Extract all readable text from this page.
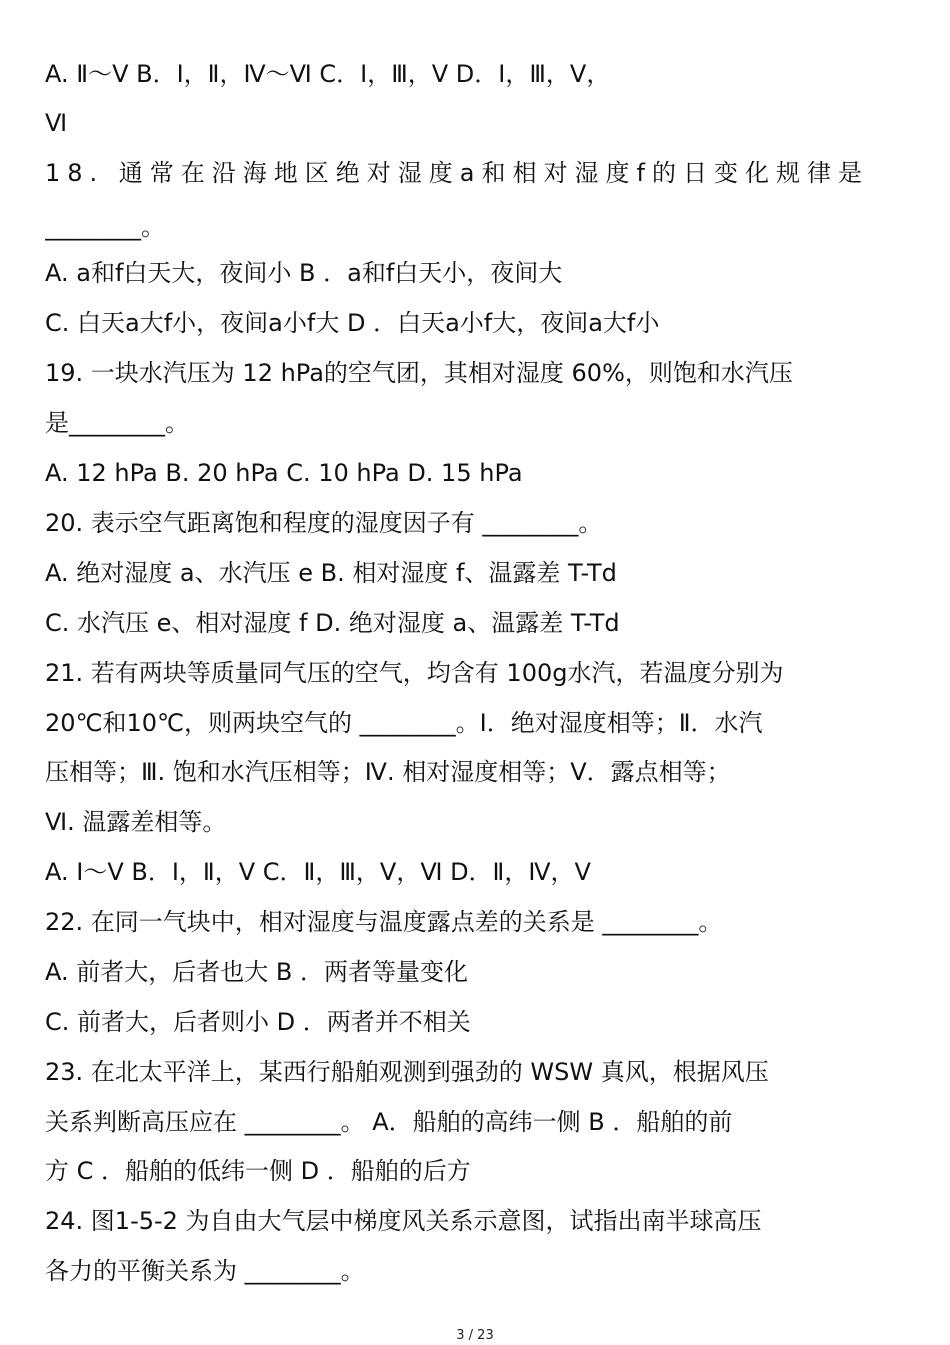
A. Ⅱ～Ⅴ B．Ⅰ，Ⅱ，Ⅳ～Ⅵ C．Ⅰ，Ⅲ，Ⅴ D．Ⅰ，Ⅲ，Ⅴ，
Ⅵ
18. 通常在沿海地区绝对湿度a和相对湿度f的日变化规律是
________。
A. a和f白天大，夜间小 B ．a和f白天小，夜间大
C. 白天a大f小，夜间a小f大 D ．白天a小f大，夜间a大f小
19. 一块水汽压为 12 hPa的空气团，其相对湿度 60%，则饱和水汽压
是________。
A. 12 hPa B. 20 hPa C. 10 hPa D. 15 hPa
20. 表示空气距离饱和程度的湿度因子有 ________。
A. 绝对湿度 a、水汽压 e B. 相对湿度 f、温露差 T-Td
C. 水汽压 e、相对湿度 f D. 绝对湿度 a、温露差 T-Td
21. 若有两块等质量同气压的空气，均含有 100g水汽，若温度分别为
20℃和10℃，则两块空气的 ________。Ⅰ．绝对湿度相等；Ⅱ．水汽
压相等；Ⅲ. 饱和水汽压相等；Ⅳ. 相对湿度相等；Ⅴ．露点相等；
Ⅵ. 温露差相等。
A. Ⅰ～Ⅴ B．Ⅰ，Ⅱ，Ⅴ C．Ⅱ，Ⅲ，Ⅴ，Ⅵ D．Ⅱ，Ⅳ，Ⅴ
22. 在同一气块中，相对湿度与温度露点差的关系是 ________。
A. 前者大，后者也大 B ．两者等量变化
C. 前者大，后者则小 D ．两者并不相关
23. 在北太平洋上，某西行船舶观测到强劲的 WSW 真风，根据风压
关系判断高压应在 ________。 A．船舶的高纬一侧 B ．船舶的前
方 C ．船舶的低纬一侧 D ．船舶的后方
24. 图1-5-2 为自由大气层中梯度风关系示意图，试指出南半球高压
各力的平衡关系为 ________。
3 / 23
